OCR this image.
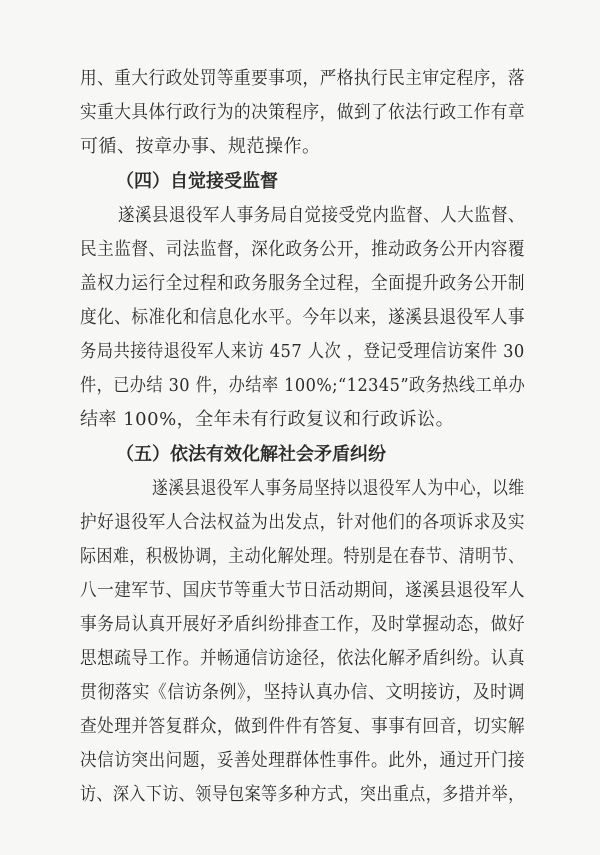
用、重大行政处罚等重要事项，严格执行民主审定程序，落
实重大具体行政行为的决策程序，做到了依法行政工作有章
可循、按章办事、规范操作。
（四）自觉接受监督
遂溪县退役军人事务局自觉接受党内监督、人大监督、
民主监督、司法监督，深化政务公开，推动政务公开内容覆
盖权力运行全过程和政务服务全过程，全面提升政务公开制
度化、标准化和信息化水平。今年以来，遂溪县退役军人事
务局共接待退役军人来访 457 人次 ，登记受理信访案件 30
件，已办结 30 件，办结率 100%;“12345”政务热线工单办
结率 100%，全年未有行政复议和行政诉讼。
（五）依法有效化解社会矛盾纠纷
遂溪县退役军人事务局坚持以退役军人为中心，以维
护好退役军人合法权益为出发点，针对他们的各项诉求及实
际困难，积极协调，主动化解处理。特别是在春节、清明节、
八一建军节、国庆节等重大节日活动期间，遂溪县退役军人
事务局认真开展好矛盾纠纷排查工作，及时掌握动态，做好
思想疏导工作。并畅通信访途径，依法化解矛盾纠纷。认真
贯彻落实《信访条例》，坚持认真办信、文明接访，及时调
查处理并答复群众，做到件件有答复、事事有回音，切实解
决信访突出问题，妥善处理群体性事件。此外，通过开门接
访、深入下访、领导包案等多种方式，突出重点，多措并举，
